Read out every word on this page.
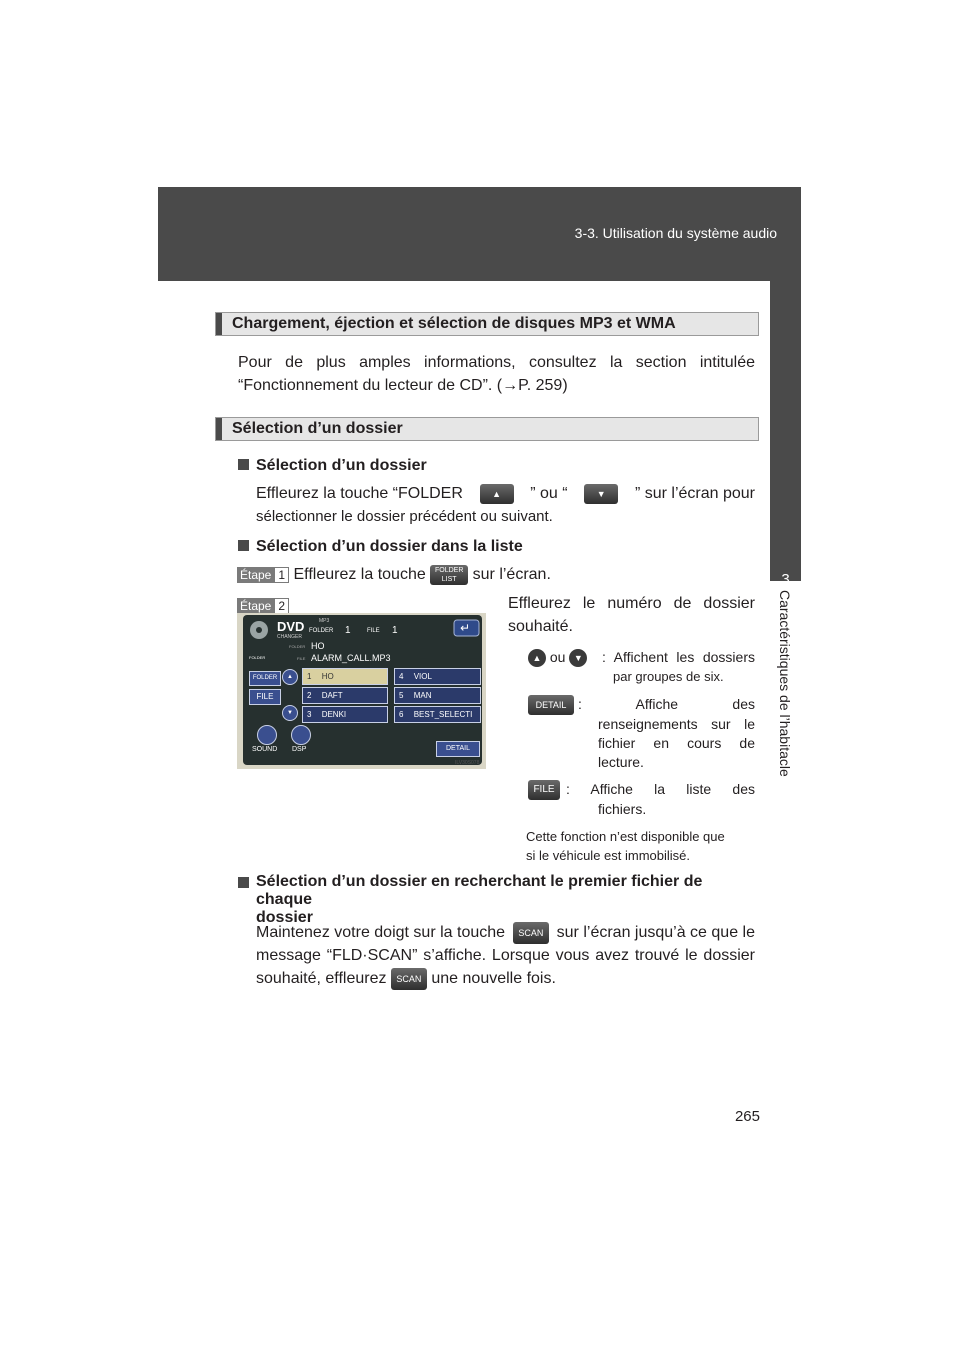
3-3. Utilisation du système audio
3
Caractéristiques de l’habitacle
Chargement, éjection et sélection de disques MP3 et WMA
Pour de plus amples informations, consultez la section intitulée
“Fonctionnement du lecteur de CD”. (→P. 259)
Sélection d’un dossier
Sélection d’un dossier
Effleurez la touche “FOLDER	▲	” ou “	▼	” sur l’écran pour
sélectionner le dossier précédent ou suivant.
Sélection d’un dossier dans la liste
Étape 1 Effleurez la touche FOLDER LIST sur l’écran.
Étape 2	Effleurez le numéro de dossier
souhaité.
↵
DVD
CHANGER
MP3
FOLDER 1	FILE 1
FOLDER HO
FILE ALARM_CALL.MP3
FOLDER
FOLDER
FILE
▲
▼
1 HO
2 DAFT
3 DENKI
4 VIOL
5 MAN
6 BEST_SELECTI
SOUND DSP	DETAIL
ILV30S078
▲ ou ▼	: Affichent les dossiers
par groupes de six.
DETAIL : Affiche des
renseignements sur le
fichier en cours de
lecture.
FILE : Affiche la liste des
fichiers.
Cette fonction n’est disponible que
si le véhicule est immobilisé.
Sélection d’un dossier en recherchant le premier fichier de chaque
dossier
Maintenez votre doigt sur la touche	SCAN sur l’écran jusqu’à ce que le
message “FLD·SCAN” s’affiche. Lorsque vous avez trouvé le dossier
souhaité, effleurez SCAN une nouvelle fois.
265
